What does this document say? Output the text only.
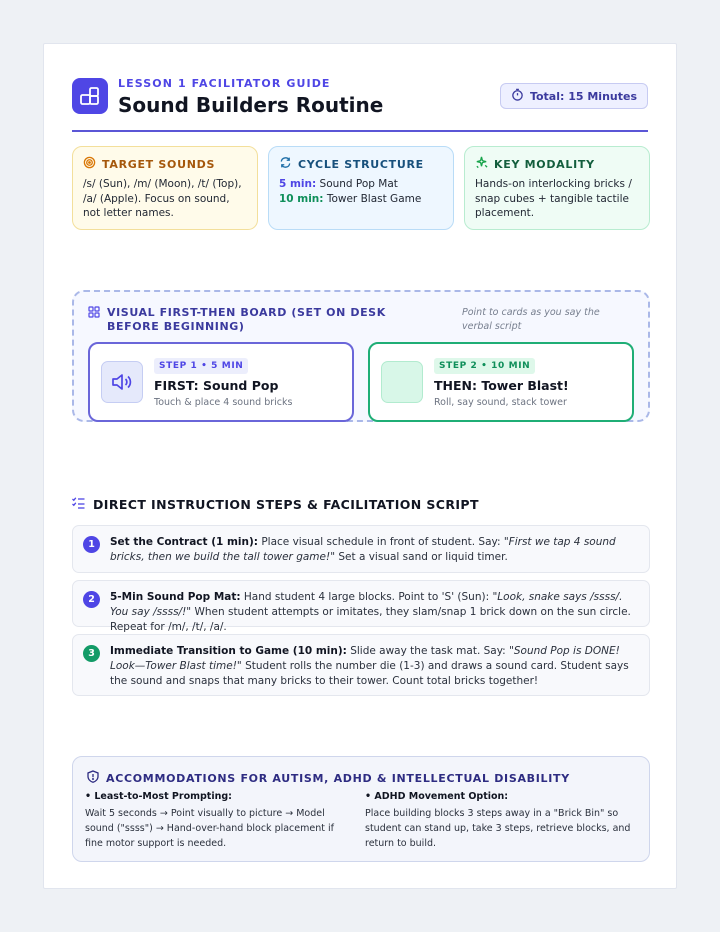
LESSON 1 FACILITATOR GUIDE
Sound Builders Routine	Total: 15 Minutes
TARGET SOUNDS
/s/ (Sun), /m/ (Moon), /t/ (Top), /a/ (Apple). Focus on sound, not letter names.
CYCLE STRUCTURE
5 min: Sound Pop Mat
10 min: Tower Blast Game
KEY MODALITY
Hands-on interlocking bricks / snap cubes + tangible tactile placement.
VISUAL FIRST-THEN BOARD (SET ON DESK BEFORE BEGINNING)
Point to cards as you say the verbal script
STEP 1 • 5 MIN
FIRST: Sound Pop
Touch & place 4 sound bricks
STEP 2 • 10 MIN
THEN: Tower Blast!
Roll, say sound, stack tower
DIRECT INSTRUCTION STEPS & FACILITATION SCRIPT
1	Set the Contract (1 min): Place visual schedule in front of student. Say: "First we tap 4 sound bricks, then we build the tall tower game!" Set a visual sand or liquid timer.
2	5-Min Sound Pop Mat: Hand student 4 large blocks. Point to 'S' (Sun): "Look, snake says /ssss/. You say /ssss/!" When student attempts or imitates, they slam/snap 1 brick down on the sun circle. Repeat for /m/, /t/, /a/.
3	Immediate Transition to Game (10 min): Slide away the task mat. Say: "Sound Pop is DONE! Look—Tower Blast time!" Student rolls the number die (1-3) and draws a sound card. Student says the sound and snaps that many bricks to their tower. Count total bricks together!
ACCOMMODATIONS FOR AUTISM, ADHD & INTELLECTUAL DISABILITY
• Least-to-Most Prompting:
Wait 5 seconds → Point visually to picture → Model sound ("ssss") → Hand-over-hand block placement if fine motor support is needed.
• ADHD Movement Option:
Place building blocks 3 steps away in a "Brick Bin" so student can stand up, take 3 steps, retrieve blocks, and return to build.
